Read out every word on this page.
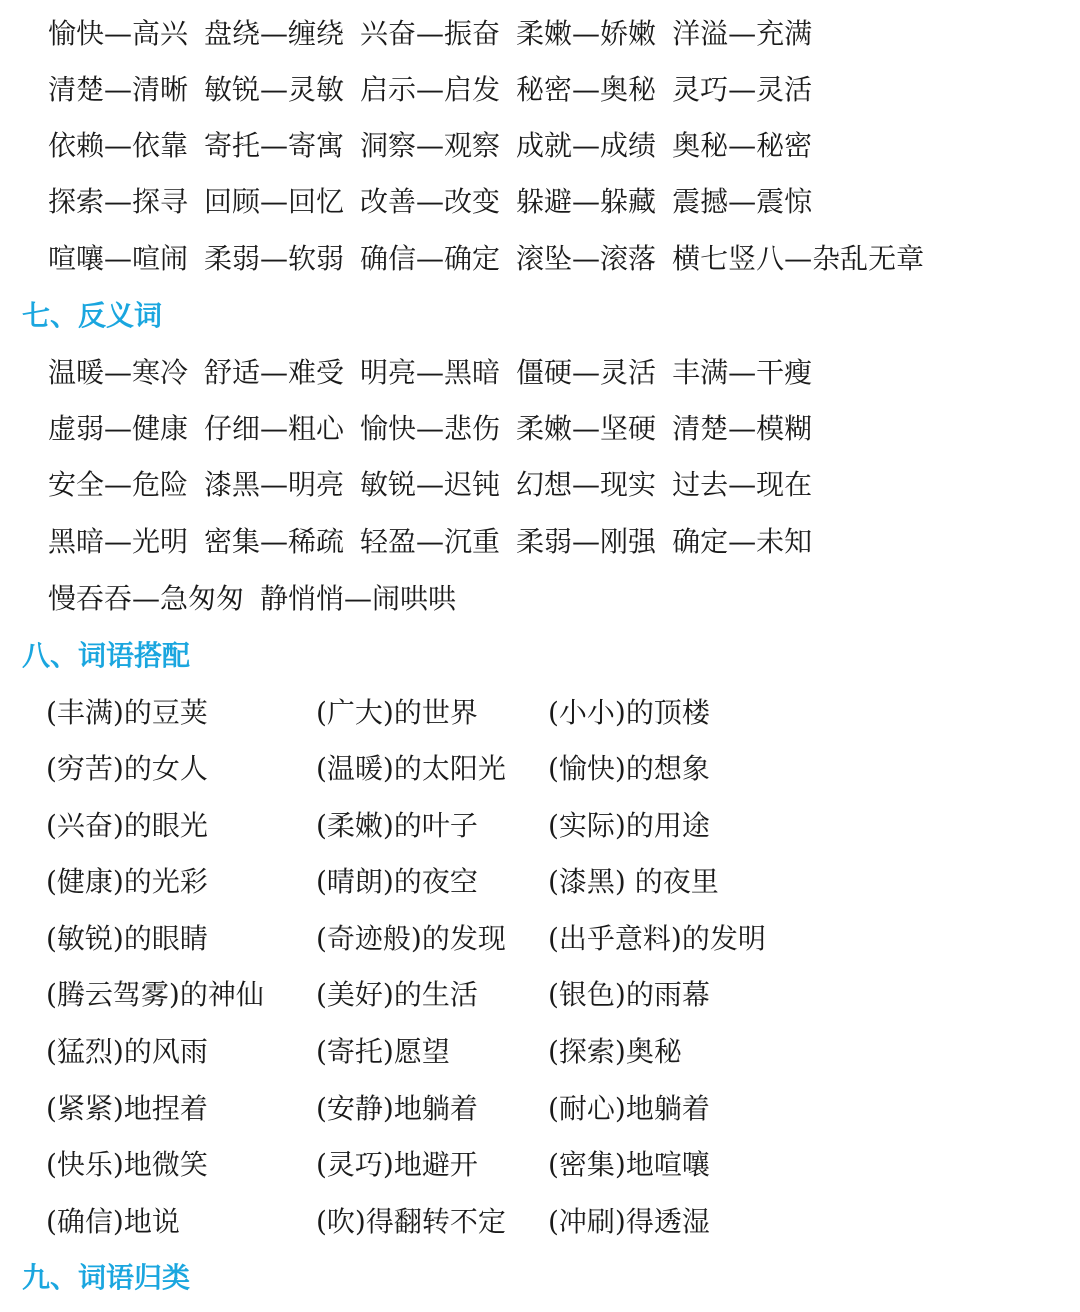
愉快—高兴 盘绕—缠绕 兴奋—振奋 柔嫩—娇嫩 洋溢—充满
清楚—清晰 敏锐—灵敏 启示—启发 秘密—奥秘 灵巧—灵活
依赖—依靠 寄托—寄寓 洞察—观察 成就—成绩 奥秘—秘密
探索—探寻 回顾—回忆 改善—改变 躲避—躲藏 震撼—震惊
喧嚷—喧闹 柔弱—软弱 确信—确定 滚坠—滚落 横七竖八—杂乱无章
七、反义词
温暖—寒冷 舒适—难受 明亮—黑暗 僵硬—灵活 丰满—干瘦
虚弱—健康 仔细—粗心 愉快—悲伤 柔嫩—坚硬 清楚—模糊
安全—危险 漆黑—明亮 敏锐—迟钝 幻想—现实 过去—现在
黑暗—光明 密集—稀疏 轻盈—沉重 柔弱—刚强 确定—未知
慢吞吞—急匆匆 静悄悄—闹哄哄
八、词语搭配
(丰满)的豆荚	(广大)的世界	(小小)的顶楼
(穷苦)的女人	(温暖)的太阳光 (愉快)的想象
(兴奋)的眼光	(柔嫩)的叶子	(实际)的用途
(健康)的光彩	(晴朗)的夜空	(漆黑) 的夜里
(敏锐)的眼睛	(奇迹般)的发现 (出乎意料)的发明
(腾云驾雾)的神仙 (美好)的生活	(银色)的雨幕
(猛烈)的风雨	(寄托)愿望	(探索)奥秘
(紧紧)地捏着	(安静)地躺着	(耐心)地躺着
(快乐)地微笑	(灵巧)地避开	(密集)地喧嚷
(确信)地说	(吹)得翻转不定 (冲刷)得透湿
九、词语归类
